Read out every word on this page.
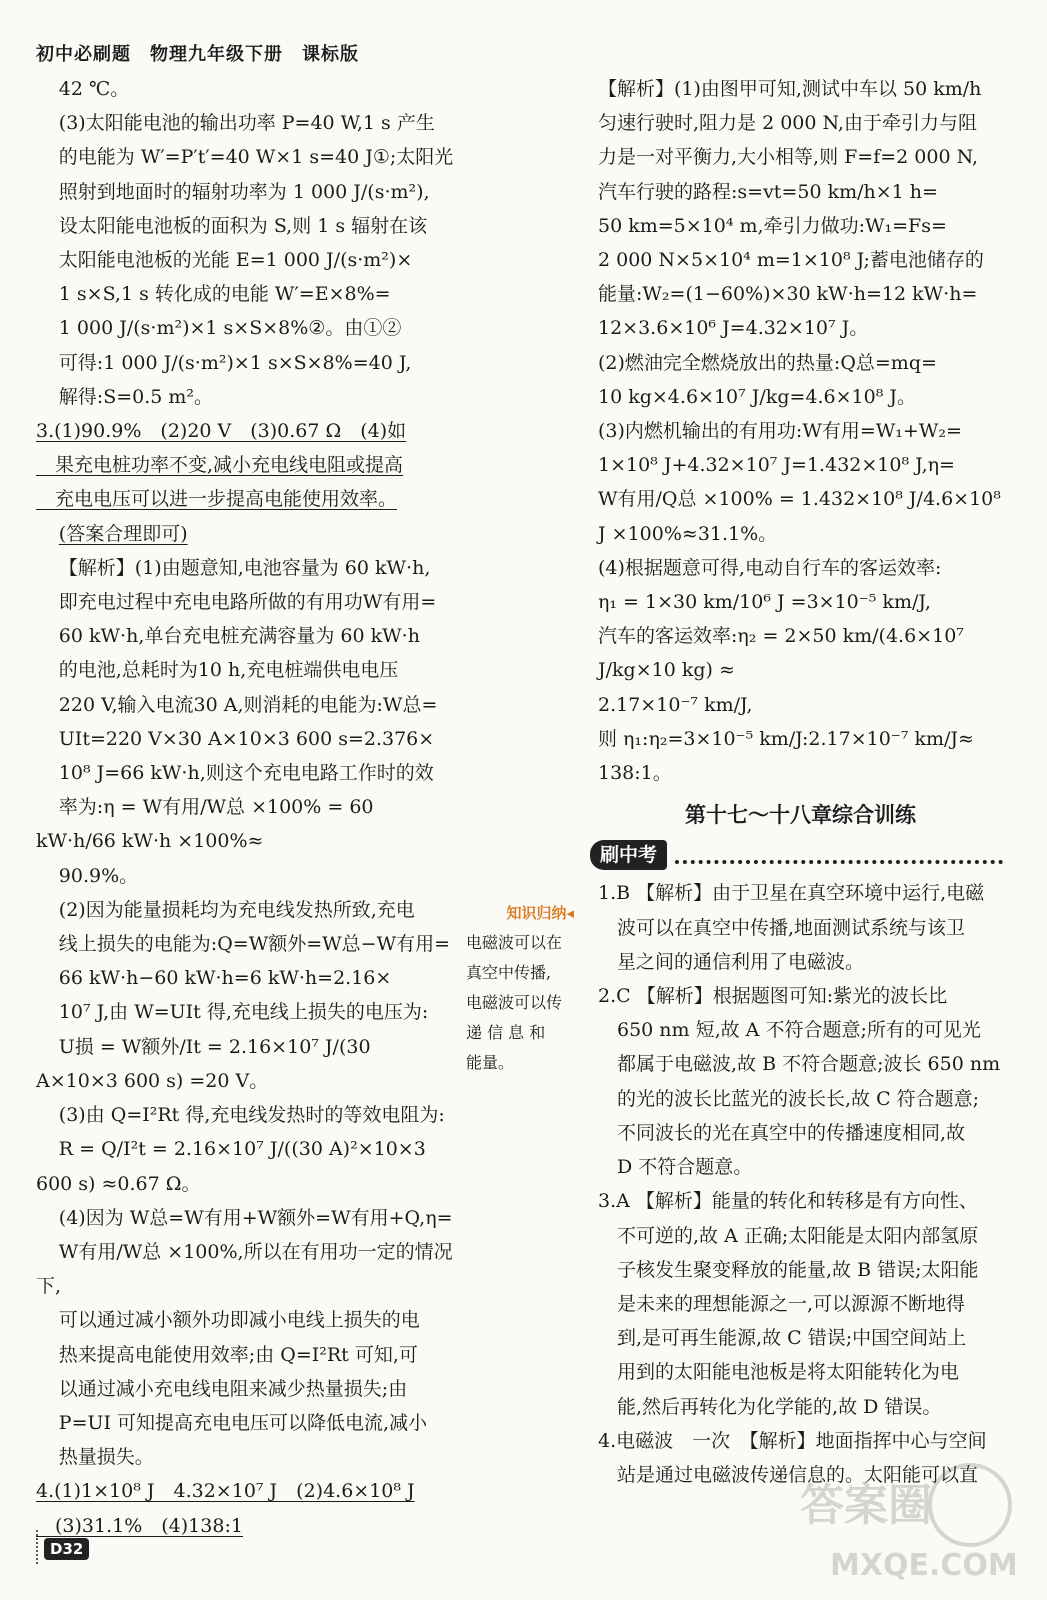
初中必刷题　物理九年级下册　课标版

42 ℃。

(3)太阳能电池的输出功率 P=40 W,1 s 产生

的电能为 W′=P′t′=40 W×1 s=40 J①;太阳光

照射到地面时的辐射功率为 1 000 J/(s·m²),

设太阳能电池板的面积为 S,则 1 s 辐射在该

太阳能电池板的光能 E=1 000 J/(s·m²)×

1 s×S,1 s 转化成的电能 W′=E×8%=

1 000 J/(s·m²)×1 s×S×8%②。由①②

可得:1 000 J/(s·m²)×1 s×S×8%=40 J,

解得:S=0.5 m²。

3.(1)90.9%　(2)20 V　(3)0.67 Ω　(4)如

　果充电桩功率不变,减小充电线电阻或提高

　充电电压可以进一步提高电能使用效率。

(答案合理即可)

【解析】(1)由题意知,电池容量为 60 kW·h,

即充电过程中充电电路所做的有用功W有用=

60 kW·h,单台充电桩充满容量为 60 kW·h

的电池,总耗时为10 h,充电桩端供电电压

220 V,输入电流30 A,则消耗的电能为:W总=

UIt=220 V×30 A×10×3 600 s=2.376×

10⁸ J=66 kW·h,则这个充电电路工作时的效

率为:η = W有用/W总 ×100% = 60 kW·h/66 kW·h ×100%≈

90.9%。

(2)因为能量损耗均为充电线发热所致,充电

线上损失的电能为:Q=W额外=W总−W有用=

66 kW·h−60 kW·h=6 kW·h=2.16×

10⁷ J,由 W=UIt 得,充电线上损失的电压为:

U损 = W额外/It = 2.16×10⁷ J/(30 A×10×3 600 s) =20 V。

(3)由 Q=I²Rt 得,充电线发热时的等效电阻为:

R = Q/I²t = 2.16×10⁷ J/((30 A)²×10×3 600 s) ≈0.67 Ω。

(4)因为 W总=W有用+W额外=W有用+Q,η=

W有用/W总 ×100%,所以在有用功一定的情况下,

可以通过减小额外功即减小电线上损失的电

热来提高电能使用效率;由 Q=I²Rt 可知,可

以通过减小充电线电阻来减少热量损失;由

P=UI 可知提高充电电压可以降低电流,减小

热量损失。

4.(1)1×10⁸ J　4.32×10⁷ J　(2)4.6×10⁸ J

　(3)31.1%　(4)138:1

知识归纳◂
电磁波可以在
真空中传播,
电磁波可以传
递 信 息 和
能量。

【解析】(1)由图甲可知,测试中车以 50 km/h

匀速行驶时,阻力是 2 000 N,由于牵引力与阻

力是一对平衡力,大小相等,则 F=f=2 000 N,

汽车行驶的路程:s=vt=50 km/h×1 h=

50 km=5×10⁴ m,牵引力做功:W₁=Fs=

2 000 N×5×10⁴ m=1×10⁸ J;蓄电池储存的

能量:W₂=(1−60%)×30 kW·h=12 kW·h=

12×3.6×10⁶ J=4.32×10⁷ J。

(2)燃油完全燃烧放出的热量:Q总=mq=

10 kg×4.6×10⁷ J/kg=4.6×10⁸ J。

(3)内燃机输出的有用功:W有用=W₁+W₂=

1×10⁸ J+4.32×10⁷ J=1.432×10⁸ J,η=

W有用/Q总 ×100% = 1.432×10⁸ J/4.6×10⁸ J ×100%≈31.1%。

(4)根据题意可得,电动自行车的客运效率:

η₁ = 1×30 km/10⁶ J =3×10⁻⁵ km/J,

汽车的客运效率:η₂ = 2×50 km/(4.6×10⁷ J/kg×10 kg) ≈

2.17×10⁻⁷ km/J,

则 η₁:η₂=3×10⁻⁵ km/J:2.17×10⁻⁷ km/J≈

138:1。

第十七～十八章综合训练
刷中考

1.B 【解析】由于卫星在真空环境中运行,电磁

　波可以在真空中传播,地面测试系统与该卫

　星之间的通信利用了电磁波。

2.C 【解析】根据题图可知:紫光的波长比

　650 nm 短,故 A 不符合题意;所有的可见光

　都属于电磁波,故 B 不符合题意;波长 650 nm

　的光的波长比蓝光的波长长,故 C 符合题意;

　不同波长的光在真空中的传播速度相同,故

　D 不符合题意。

3.A 【解析】能量的转化和转移是有方向性、

　不可逆的,故 A 正确;太阳能是太阳内部氢原

　子核发生聚变释放的能量,故 B 错误;太阳能

　是未来的理想能源之一,可以源源不断地得

　到,是可再生能源,故 C 错误;中国空间站上

　用到的太阳能电池板是将太阳能转化为电

　能,然后再转化为化学能的,故 D 错误。

4.电磁波　一次　【解析】地面指挥中心与空间

　站是通过电磁波传递信息的。太阳能可以直

D32
答案圈
MXQE.COM
